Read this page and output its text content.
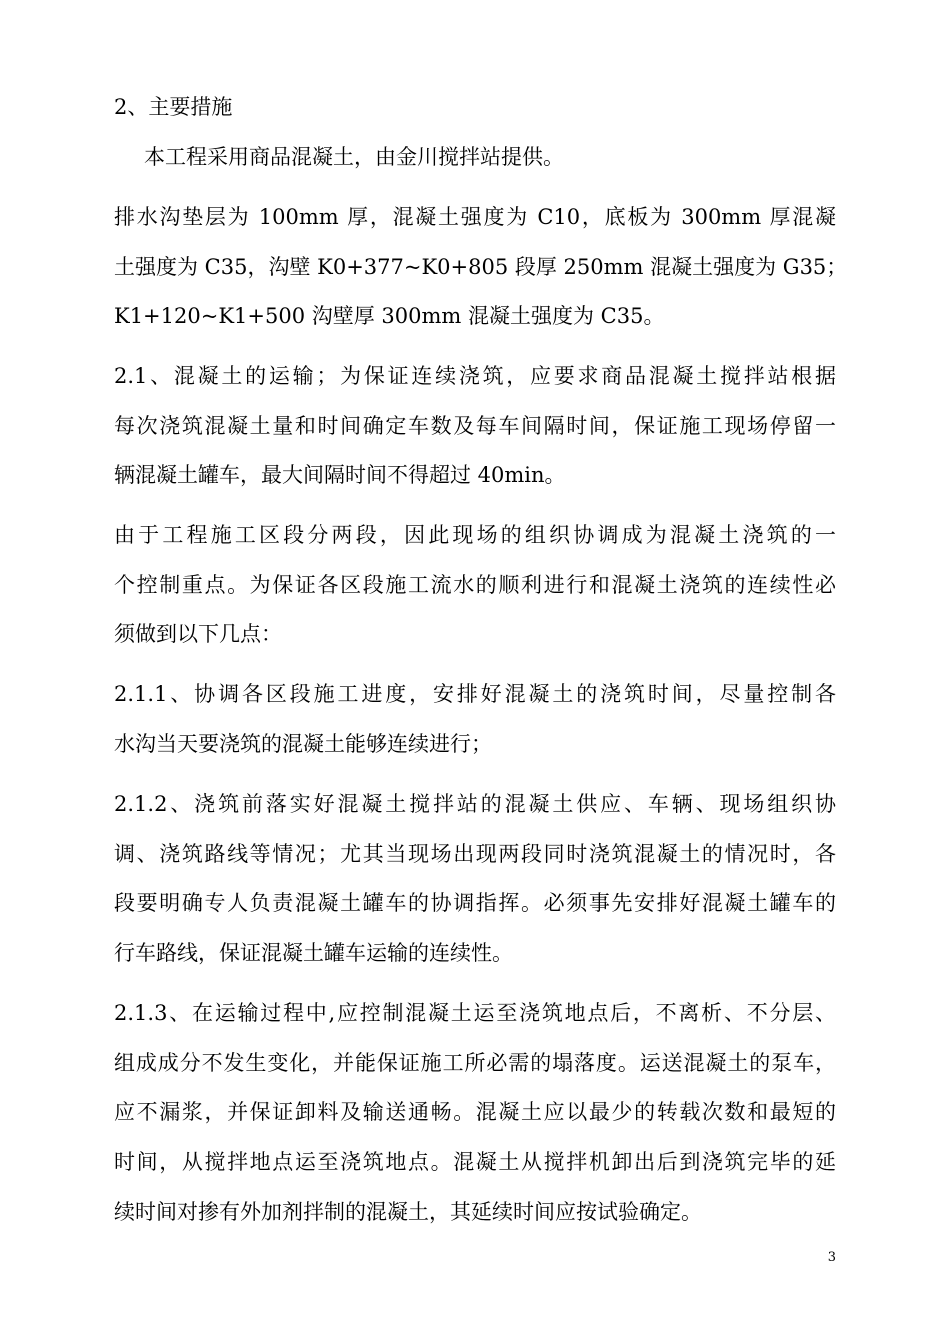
2、主要措施

本工程采用商品混凝土，由金川搅拌站提供。

排水沟垫层为 100mm 厚，混凝土强度为 C10，底板为 300mm 厚混凝

土强度为 C35，沟壁 K0+377~K0+805 段厚 250mm 混凝土强度为 G35；

K1+120~K1+500 沟壁厚 300mm 混凝土强度为 C35。

2.1、混凝土的运输；为保证连续浇筑，应要求商品混凝土搅拌站根据

每次浇筑混凝土量和时间确定车数及每车间隔时间，保证施工现场停留一

辆混凝土罐车，最大间隔时间不得超过 40min。

由于工程施工区段分两段，因此现场的组织协调成为混凝土浇筑的一

个控制重点。为保证各区段施工流水的顺利进行和混凝土浇筑的连续性必

须做到以下几点：

2.1.1、协调各区段施工进度，安排好混凝土的浇筑时间，尽量控制各

水沟当天要浇筑的混凝土能够连续进行；

2.1.2、浇筑前落实好混凝土搅拌站的混凝土供应、车辆、现场组织协

调、浇筑路线等情况；尤其当现场出现两段同时浇筑混凝土的情况时，各

段要明确专人负责混凝土罐车的协调指挥。必须事先安排好混凝土罐车的

行车路线，保证混凝土罐车运输的连续性。

2.1.3、在运输过程中,应控制混凝土运至浇筑地点后，不离析、不分层、

组成成分不发生变化，并能保证施工所必需的塌落度。运送混凝土的泵车，

应不漏浆，并保证卸料及输送通畅。混凝土应以最少的转载次数和最短的

时间，从搅拌地点运至浇筑地点。混凝土从搅拌机卸出后到浇筑完毕的延

续时间对掺有外加剂拌制的混凝土，其延续时间应按试验确定。

3
